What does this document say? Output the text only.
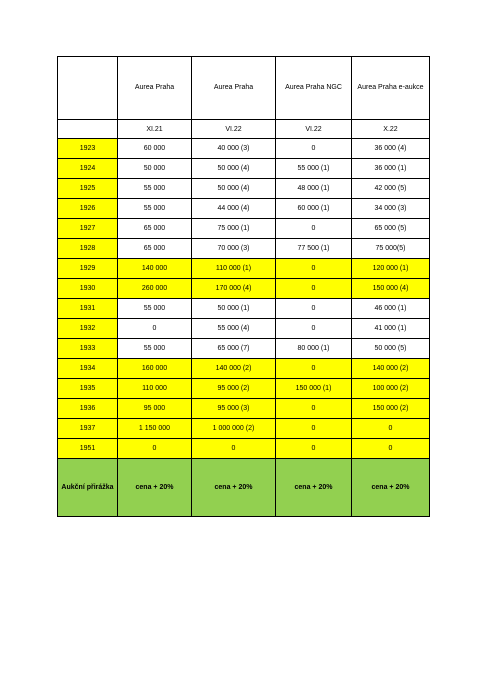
	Aurea Praha	Aurea Praha	Aurea Praha NGC	Aurea Praha e-aukce
	XI.21	VI.22	VI.22	X.22
1923	60 000	40 000 (3)	0	36 000 (4)
1924	50 000	50 000 (4)	55 000 (1)	36 000 (1)
1925	55 000	50 000 (4)	48 000 (1)	42 000 (5)
1926	55 000	44 000 (4)	60 000 (1)	34 000 (3)
1927	65 000	75 000 (1)	0	65 000 (5)
1928	65 000	70 000 (3)	77 500 (1)	75 000(5)
1929	140 000	110 000 (1)	0	120 000 (1)
1930	260 000	170 000 (4)	0	150 000 (4)
1931	55 000	50 000 (1)	0	46 000 (1)
1932	0	55 000 (4)	0	41 000 (1)
1933	55 000	65 000 (7)	80 000 (1)	50 000 (5)
1934	160 000	140 000 (2)	0	140 000 (2)
1935	110 000	95 000 (2)	150 000 (1)	100 000 (2)
1936	95 000	95 000 (3)	0	150 000 (2)
1937	1 150 000	1 000 000 (2)	0	0
1951	0	0	0	0
Aukční přirážka	cena + 20%	cena + 20%	cena + 20%	cena + 20%
